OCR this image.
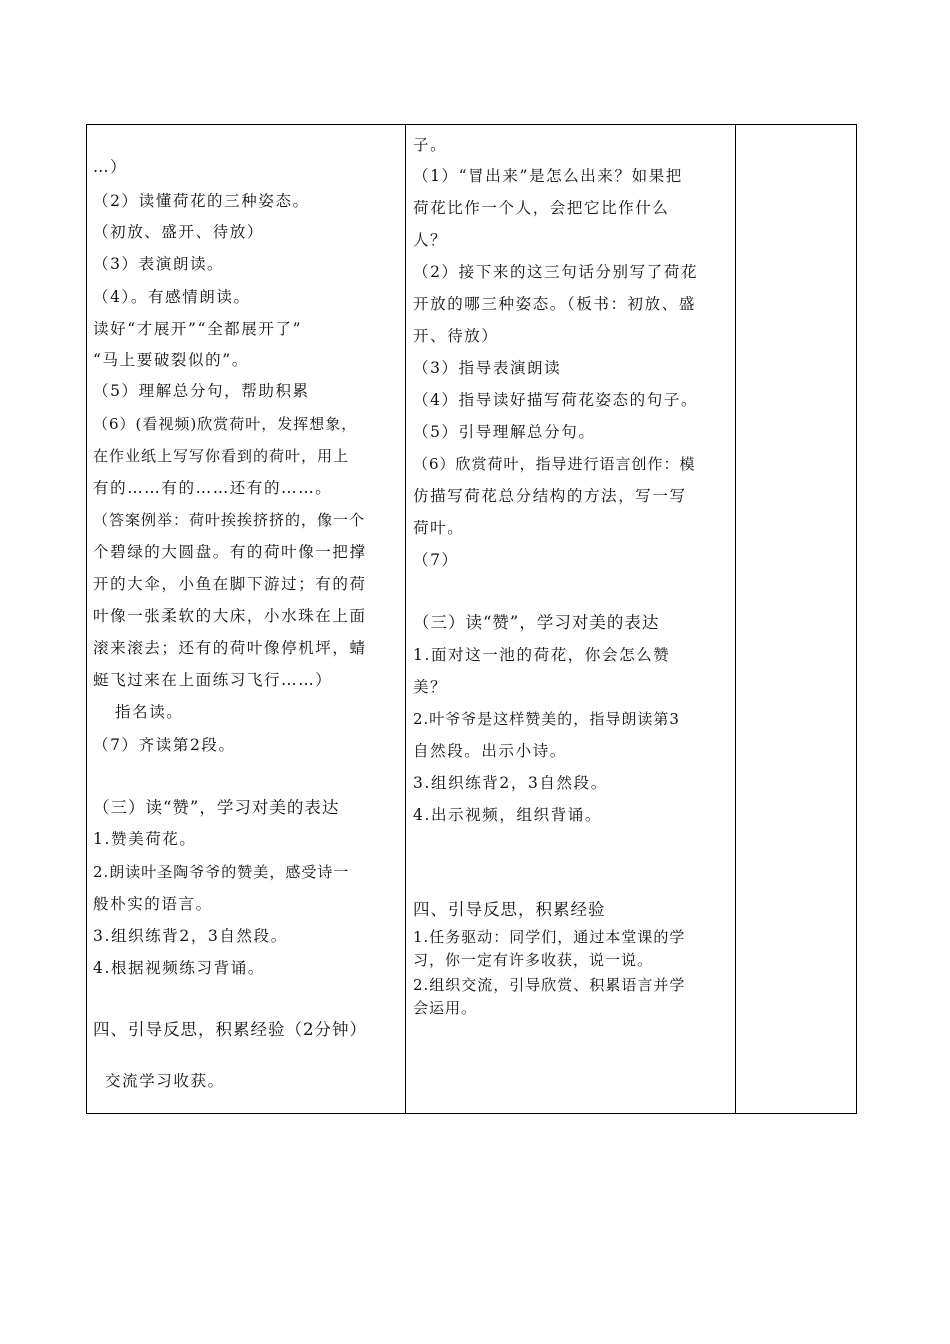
…）
（2）读懂荷花的三种姿态。
（初放、盛开、待放）
（3）表演朗读。
（4）。有感情朗读。
读好“才展开”“全都展开了”
“马上要破裂似的”。
（5）理解总分句，帮助积累
（6）(看视频)欣赏荷叶，发挥想象，
在作业纸上写写你看到的荷叶，用上
有的……有的……还有的……。
（答案例举：荷叶挨挨挤挤的，像一个
个碧绿的大圆盘。有的荷叶像一把撑
开的大伞，小鱼在脚下游过；有的荷
叶像一张柔软的大床，小水珠在上面
滚来滚去；还有的荷叶像停机坪，蜻
蜓飞过来在上面练习飞行……）
指名读。
（7）齐读第2段。
（三）读“赞”，学习对美的表达
1.赞美荷花。
2.朗读叶圣陶爷爷的赞美，感受诗一
般朴实的语言。
3.组织练背2，3自然段。
4.根据视频练习背诵。
四、引导反思，积累经验（2分钟）
交流学习收获。
子。
（1）“冒出来”是怎么出来？如果把
荷花比作一个人，会把它比作什么
人？
（2）接下来的这三句话分别写了荷花
开放的哪三种姿态。（板书：初放、盛
开、待放）
（3）指导表演朗读
（4）指导读好描写荷花姿态的句子。
（5）引导理解总分句。
（6）欣赏荷叶，指导进行语言创作：模
仿描写荷花总分结构的方法，写一写
荷叶。
（7）
（三）读“赞”，学习对美的表达
1.面对这一池的荷花，你会怎么赞
美？
2.叶爷爷是这样赞美的，指导朗读第3
自然段。出示小诗。
3.组织练背2，3自然段。
4.出示视频，组织背诵。
四、引导反思，积累经验
1.任务驱动：同学们，通过本堂课的学
习，你一定有许多收获，说一说。
2.组织交流，引导欣赏、积累语言并学
会运用。
